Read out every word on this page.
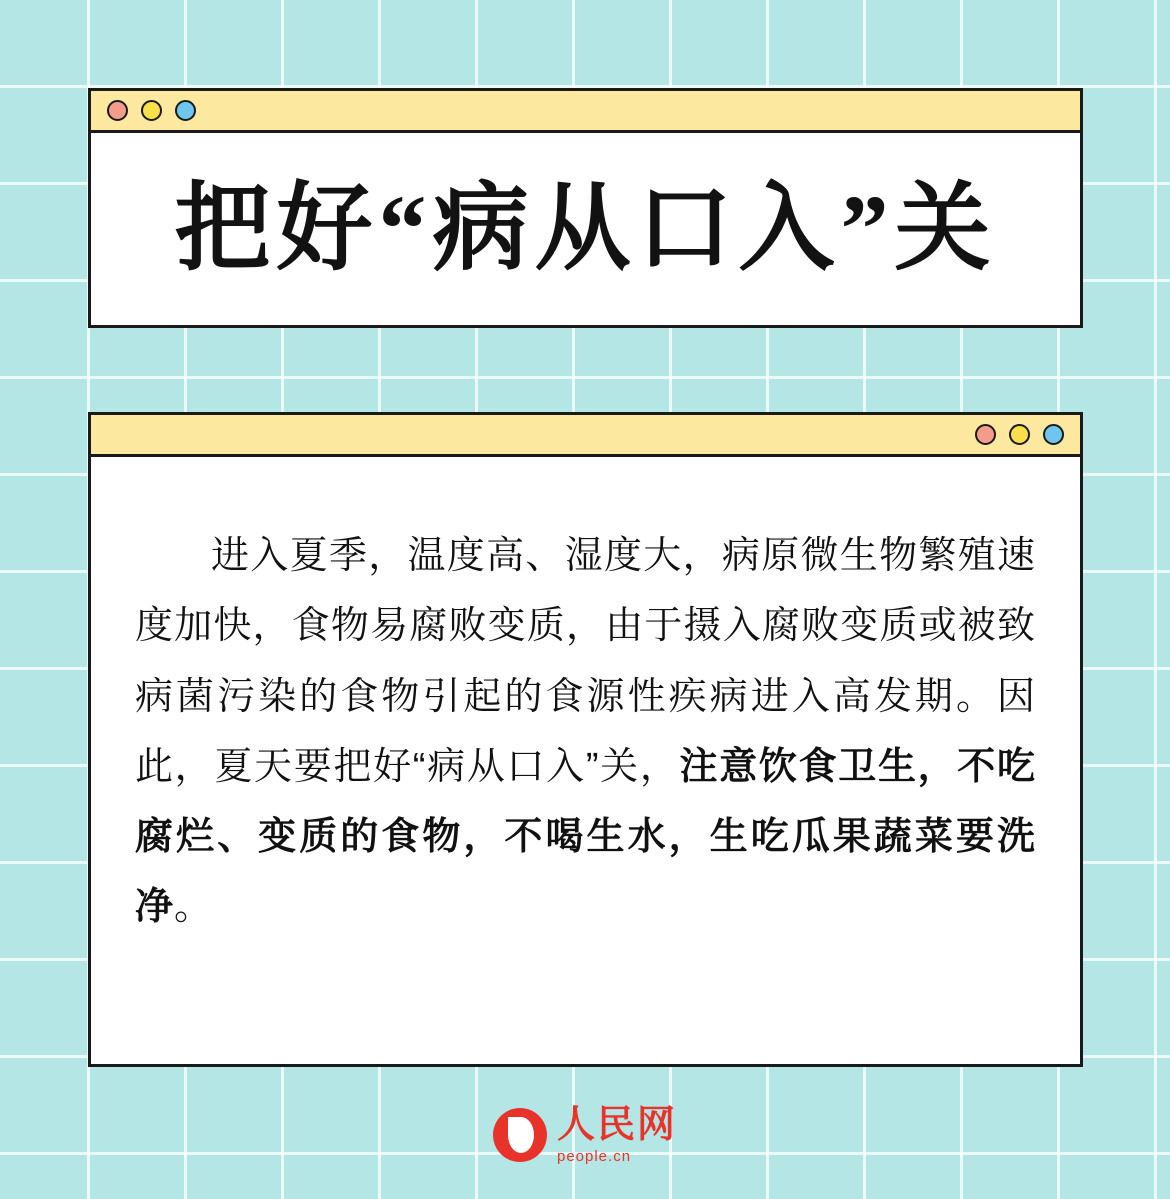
把好“病从口入”关

进入夏季，温度高、湿度大，病原微生物繁殖速度加快，食物易腐败变质，由于摄入腐败变质或被致病菌污染的食物引起的食源性疾病进入高发期。因此，夏天要把好“病从口入”关，注意饮食卫生，不吃腐烂、变质的食物，不喝生水，生吃瓜果蔬菜要洗净。

人民网
people.cn
